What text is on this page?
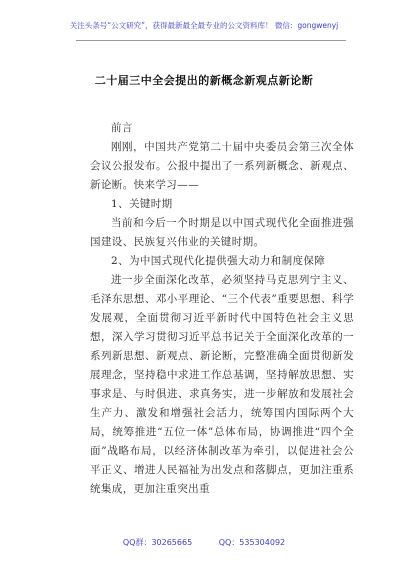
关注头条号“公文研究”，获得最新最全最专业的公文资料库！ 微信：gongwenyj
二十届三中全会提出的新概念新观点新论断

前言

刚刚，中国共产党第二十届中央委员会第三次全体会议公报发布。公报中提出了一系列新概念、新观点、新论断。快来学习——

1、关键时期

当前和今后一个时期是以中国式现代化全面推进强国建设、民族复兴伟业的关键时期。

2、为中国式现代化提供强大动力和制度保障

进一步全面深化改革，必须坚持马克思列宁主义、毛泽东思想、邓小平理论、“三个代表”重要思想、科学发展观，全面贯彻习近平新时代中国特色社会主义思想，深入学习贯彻习近平总书记关于全面深化改革的一系列新思想、新观点、新论断，完整准确全面贯彻新发展理念，坚持稳中求进工作总基调，坚持解放思想、实事求是、与时俱进、求真务实，进一步解放和发展社会生产力、激发和增强社会活力，统筹国内国际两个大局，统筹推进“五位一体”总体布局，协调推进“四个全面”战略布局，以经济体制改革为牵引，以促进社会公平正义、增进人民福祉为出发点和落脚点，更加注重系统集成，更加注重突出重

QQ群：30265665	QQ：535304092
